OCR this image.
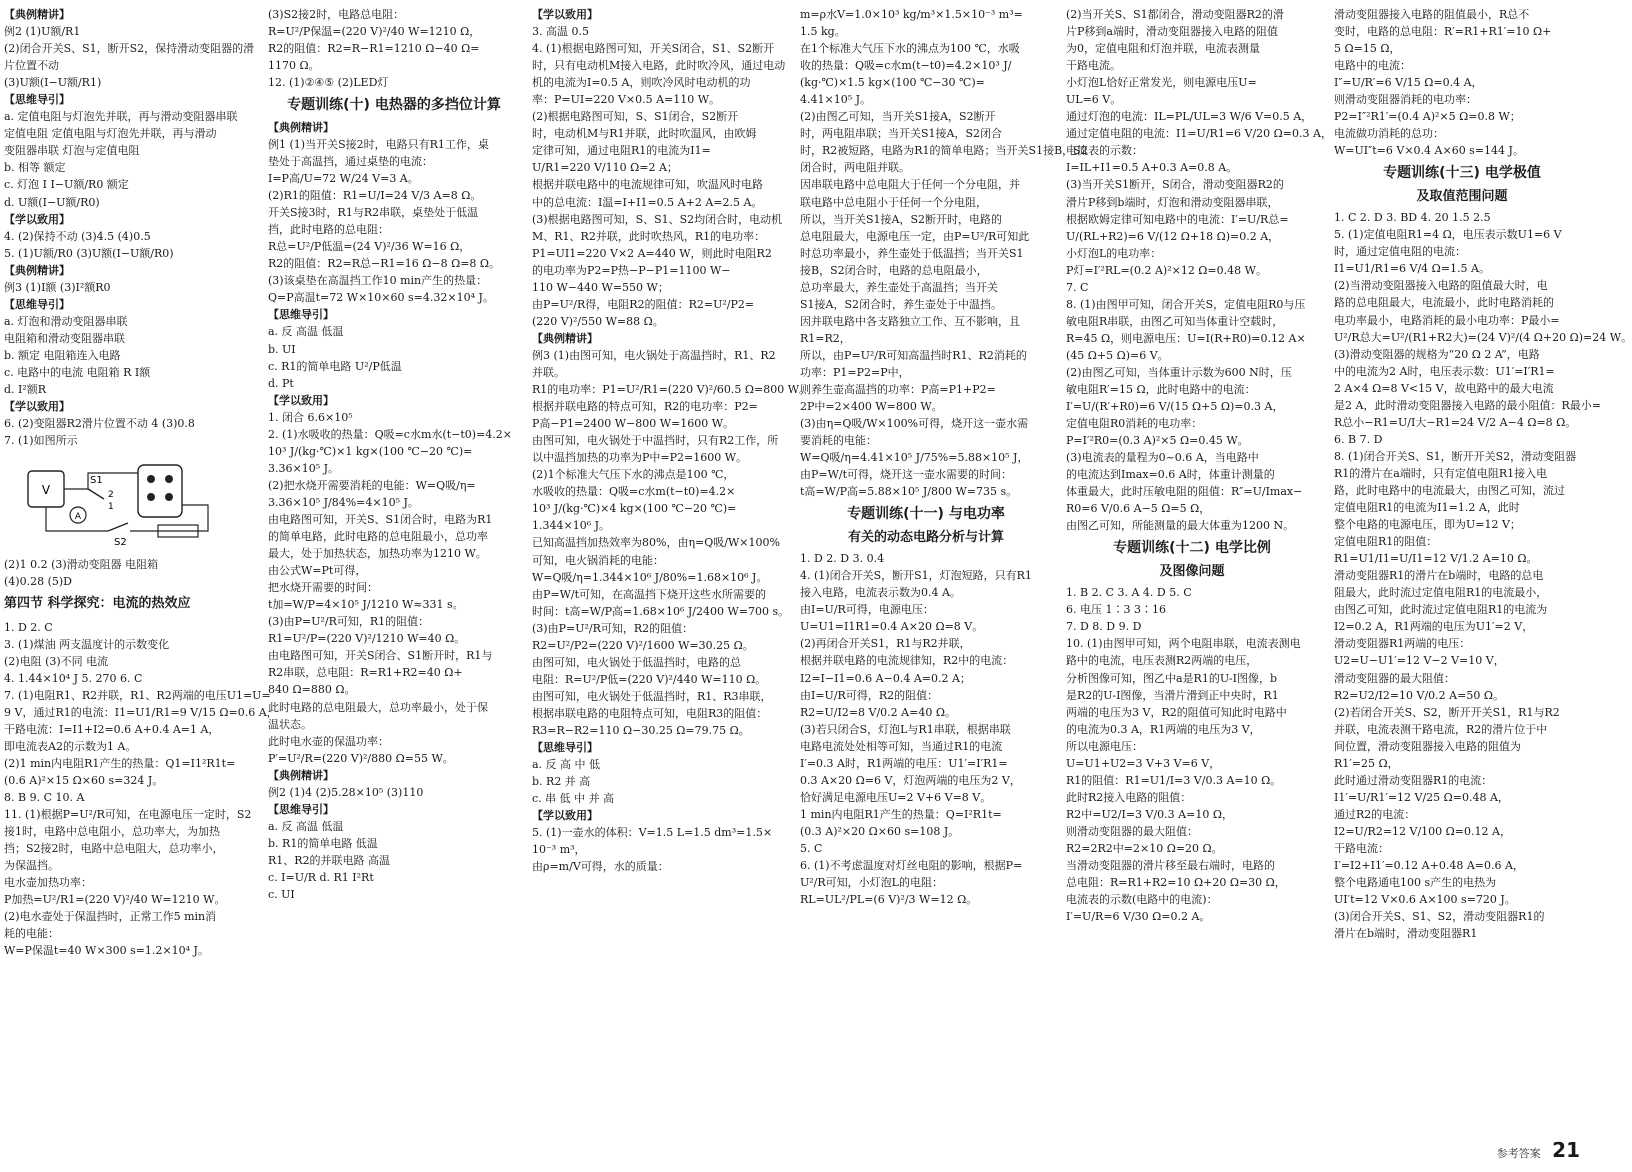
【典例精讲】
例2 (1)U额/R1
(2)闭合开关S、S1，断开S2，保持滑动变阻器的滑
片位置不动
(3)U额(I−U额/R1)
【思维导引】
a. 定值电阻与灯泡先并联，再与滑动变阻器串联
定值电阻 定值电阻与灯泡先并联，再与滑动
变阻器串联 灯泡与定值电阻
b. 相等 额定
c. 灯泡 I I−U额/R0 额定
d. U额(I−U额/R0)
【学以致用】
4. (2)保持不动 (3)4.5 (4)0.5
5. (1)U额/R0 (3)U额(I−U额/R0)
【典例精讲】
例3 (1)I额 (3)I²额R0
【思维导引】
a. 灯泡和滑动变阻器串联
电阻箱和滑动变阻器串联
b. 额定 电阻箱连入电路
c. 电路中的电流 电阻箱 R I额
d. I²额R
【学以致用】
6. (2)变阻器R2滑片位置不动 4 (3)0.8
7. (1)如图所示
V
S1
2
1
S2
A
(2)1 0.2 (3)滑动变阻器 电阻箱
(4)0.28 (5)D
第四节 科学探究：电流的热效应
1. D 2. C
3. (1)煤油 两支温度计的示数变化
(2)电阻 (3)不同 电流
4. 1.44×10⁴ J 5. 270 6. C
7. (1)电阻R1、R2并联，R1、R2两端的电压U1=U=
9 V，通过R1的电流：I1=U1/R1=9 V/15 Ω=0.6 A，
干路电流：I=I1+I2=0.6 A+0.4 A=1 A，
即电流表A2的示数为1 A。
(2)1 min内电阻R1产生的热量：Q1=I1²R1t=
(0.6 A)²×15 Ω×60 s=324 J。
8. B 9. C 10. A
11. (1)根据P=U²/R可知，在电源电压一定时，S2
接1时，电路中总电阻小，总功率大，为加热
挡；S2接2时，电路中总电阻大，总功率小，
为保温挡。
电水壶加热功率：
P加热=U²/R1=(220 V)²/40 W=1210 W。
(2)电水壶处于保温挡时，正常工作5 min消
耗的电能：
W=P保温t=40 W×300 s=1.2×10⁴ J。
(3)S2接2时，电路总电阻：
R=U²/P保温=(220 V)²/40 W=1210 Ω，
R2的阻值：R2=R−R1=1210 Ω−40 Ω=
1170 Ω。
12. (1)②④⑤ (2)LED灯
专题训练(十) 电热器的多挡位计算
【典例精讲】
例1 (1)当开关S接2时，电路只有R1工作，桌
垫处于高温挡，通过桌垫的电流：
I=P高/U=72 W/24 V=3 A。
(2)R1的阻值：R1=U/I=24 V/3 A=8 Ω。
开关S接3时，R1与R2串联，桌垫处于低温
挡，此时电路的总电阻：
R总=U²/P低温=(24 V)²/36 W=16 Ω，
R2的阻值：R2=R总−R1=16 Ω−8 Ω=8 Ω。
(3)该桌垫在高温挡工作10 min产生的热量：
Q=P高温t=72 W×10×60 s=4.32×10⁴ J。
【思维导引】
a. 反 高温 低温
b. UI
c. R1的简单电路 U²/P低温
d. Pt
【学以致用】
1. 闭合 6.6×10⁵
2. (1)水吸收的热量：Q吸=c水m水(t−t0)=4.2×
10³ J/(kg·℃)×1 kg×(100 ℃−20 ℃)=
3.36×10⁵ J。
(2)把水烧开需要消耗的电能：W=Q吸/η=
3.36×10⁵ J/84%=4×10⁵ J。
由电路图可知，开关S、S1闭合时，电路为R1
的简单电路，此时电路的总电阻最小，总功率
最大，处于加热状态，加热功率为1210 W。
由公式W=Pt可得，
把水烧开需要的时间：
t加=W/P=4×10⁵ J/1210 W≈331 s。
(3)由P=U²/R可知，R1的阻值：
R1=U²/P=(220 V)²/1210 W=40 Ω。
由电路图可知，开关S闭合、S1断开时，R1与
R2串联，总电阻：R=R1+R2=40 Ω+
840 Ω=880 Ω。
此时电路的总电阻最大，总功率最小，处于保
温状态。
此时电水壶的保温功率：
P′=U²/R=(220 V)²/880 Ω=55 W。
【典例精讲】
例2 (1)4 (2)5.28×10⁵ (3)110
【思维导引】
a. 反 高温 低温
b. R1的简单电路 低温
R1、R2的并联电路 高温
c. I=U/R d. R1 I²Rt
c. UI
【学以致用】
3. 高温 0.5
4. (1)根据电路图可知，开关S闭合，S1、S2断开
时，只有电动机M接入电路，此时吹冷风，通过电动
机的电流为I=0.5 A，则吹冷风时电动机的功
率：P=UI=220 V×0.5 A=110 W。
(2)根据电路图可知，S、S1闭合，S2断开
时，电动机M与R1并联，此时吹温风，由欧姆
定律可知，通过电阻R1的电流为I1=
U/R1=220 V/110 Ω=2 A；
根据并联电路中的电流规律可知，吹温风时电路
中的总电流：I温=I+I1=0.5 A+2 A=2.5 A。
(3)根据电路图可知，S、S1、S2均闭合时，电动机
M、R1、R2并联，此时吹热风，R1的电功率：
P1=UI1=220 V×2 A=440 W，则此时电阻R2
的电功率为P2=P热−P−P1=1100 W−
110 W−440 W=550 W；
由P=U²/R得，电阻R2的阻值：R2=U²/P2=
(220 V)²/550 W=88 Ω。
【典例精讲】
例3 (1)由图可知，电火锅处于高温挡时，R1、R2
并联。
R1的电功率：P1=U²/R1=(220 V)²/60.5 Ω=800 W。
根据并联电路的特点可知，R2的电功率：P2=
P高−P1=2400 W−800 W=1600 W。
由图可知，电火锅处于中温挡时，只有R2工作，所
以中温挡加热的功率为P中=P2=1600 W。
(2)1个标准大气压下水的沸点是100 ℃，
水吸收的热量：Q吸=c水m(t−t0)=4.2×
10³ J/(kg·℃)×4 kg×(100 ℃−20 ℃)=
1.344×10⁶ J。
已知高温挡加热效率为80%，由η=Q吸/W×100%
可知，电火锅消耗的电能：
W=Q吸/η=1.344×10⁶ J/80%=1.68×10⁶ J。
由P=W/t可知，在高温挡下烧开这些水所需要的
时间：t高=W/P高=1.68×10⁶ J/2400 W=700 s。
(3)由P=U²/R可知，R2的阻值：
R2=U²/P2=(220 V)²/1600 W=30.25 Ω。
由图可知，电火锅处于低温挡时，电路的总
电阻：R=U²/P低=(220 V)²/440 W=110 Ω。
由图可知，电火锅处于低温挡时，R1、R3串联，
根据串联电路的电阻特点可知，电阻R3的阻值：
R3=R−R2=110 Ω−30.25 Ω=79.75 Ω。
【思维导引】
a. 反 高 中 低
b. R2 并 高
c. 串 低 中 并 高
【学以致用】
5. (1)一壶水的体积：V=1.5 L=1.5 dm³=1.5×
10⁻³ m³，
由ρ=m/V可得，水的质量：
m=ρ水V=1.0×10³ kg/m³×1.5×10⁻³ m³=
1.5 kg。
在1个标准大气压下水的沸点为100 ℃，水吸
收的热量：Q吸=c水m(t−t0)=4.2×10³ J/
(kg·℃)×1.5 kg×(100 ℃−30 ℃)=
4.41×10⁵ J。
(2)由图乙可知，当开关S1接A，S2断开
时，两电阻串联；当开关S1接A，S2闭合
时，R2被短路，电路为R1的简单电路；当开关S1接B，S2
闭合时，两电阻并联。
因串联电路中总电阻大于任何一个分电阻，并
联电路中总电阻小于任何一个分电阻，
所以，当开关S1接A，S2断开时，电路的
总电阻最大，电源电压一定，由P=U²/R可知此
时总功率最小，养生壶处于低温挡；当开关S1
接B，S2闭合时，电路的总电阻最小，
总功率最大，养生壶处于高温挡；当开关
S1接A，S2闭合时，养生壶处于中温挡。
因并联电路中各支路独立工作、互不影响，且
R1=R2，
所以，由P=U²/R可知高温挡时R1、R2消耗的
功率：P1=P2=P中，
则养生壶高温挡的功率：P高=P1+P2=
2P中=2×400 W=800 W。
(3)由η=Q吸/W×100%可得，烧开这一壶水需
要消耗的电能：
W=Q吸/η=4.41×10⁵ J/75%=5.88×10⁵ J，
由P=W/t可得，烧开这一壶水需要的时间：
t高=W/P高=5.88×10⁵ J/800 W=735 s。
专题训练(十一) 与电功率
有关的动态电路分析与计算
1. D 2. D 3. 0.4
4. (1)闭合开关S，断开S1，灯泡短路，只有R1
接入电路，电流表示数为0.4 A。
由I=U/R可得，电源电压：
U=U1=I1R1=0.4 A×20 Ω=8 V。
(2)再闭合开关S1，R1与R2并联，
根据并联电路的电流规律知，R2中的电流：
I2=I−I1=0.6 A−0.4 A=0.2 A；
由I=U/R可得，R2的阻值：
R2=U/I2=8 V/0.2 A=40 Ω。
(3)若只闭合S，灯泡L与R1串联，根据串联
电路电流处处相等可知，当通过R1的电流
I′=0.3 A时，R1两端的电压：U1′=I′R1=
0.3 A×20 Ω=6 V，灯泡两端的电压为2 V，
恰好满足电源电压U=2 V+6 V=8 V。
1 min内电阻R1产生的热量：Q=I²R1t=
(0.3 A)²×20 Ω×60 s=108 J。
5. C
6. (1)不考虑温度对灯丝电阻的影响，根据P=
U²/R可知，小灯泡L的电阻：
RL=UL²/PL=(6 V)²/3 W=12 Ω。
(2)当开关S、S1都闭合，滑动变阻器R2的滑
片P移到a端时，滑动变阻器接入电路的阻值
为0，定值电阻和灯泡并联，电流表测量
干路电流。
小灯泡L恰好正常发光，则电源电压U=
UL=6 V。
通过灯泡的电流：IL=PL/UL=3 W/6 V=0.5 A，
通过定值电阻的电流：I1=U/R1=6 V/20 Ω=0.3 A，
电流表的示数：
I=IL+I1=0.5 A+0.3 A=0.8 A。
(3)当开关S1断开，S闭合，滑动变阻器R2的
滑片P移到b端时，灯泡和滑动变阻器串联，
根据欧姆定律可知电路中的电流：I′=U/R总=
U/(RL+R2)=6 V/(12 Ω+18 Ω)=0.2 A，
小灯泡L的电功率：
P灯=I′²RL=(0.2 A)²×12 Ω=0.48 W。
7. C
8. (1)由图甲可知，闭合开关S，定值电阻R0与压
敏电阻R串联，由图乙可知当体重计空载时，
R=45 Ω，则电源电压：U=I(R+R0)=0.12 A×
(45 Ω+5 Ω)=6 V。
(2)由图乙可知，当体重计示数为600 N时，压
敏电阻R′=15 Ω，此时电路中的电流：
I′=U/(R′+R0)=6 V/(15 Ω+5 Ω)=0.3 A，
定值电阻R0消耗的电功率：
P=I′²R0=(0.3 A)²×5 Ω=0.45 W。
(3)电流表的量程为0~0.6 A，当电路中
的电流达到Imax=0.6 A时，体重计测量的
体重最大，此时压敏电阻的阻值：R″=U/Imax−
R0=6 V/0.6 A−5 Ω=5 Ω，
由图乙可知，所能测量的最大体重为1200 N。
专题训练(十二) 电学比例
及图像问题
1. B 2. C 3. A 4. D 5. C
6. 电压 1∶3 3∶16
7. D 8. D 9. D
10. (1)由图甲可知，两个电阻串联，电流表测电
路中的电流，电压表测R2两端的电压，
分析图像可知，图乙中a是R1的U-I图像，b
是R2的U-I图像，当滑片滑到正中央时，R1
两端的电压为3 V，R2的阻值可知此时电路中
的电流为0.3 A，R1两端的电压为3 V，
所以电源电压：
U=U1+U2=3 V+3 V=6 V，
R1的阻值：R1=U1/I=3 V/0.3 A=10 Ω。
此时R2接入电路的阻值：
R2中=U2/I=3 V/0.3 A=10 Ω，
则滑动变阻器的最大阻值：
R2=2R2中=2×10 Ω=20 Ω。
当滑动变阻器的滑片移至最右端时，电路的
总电阻：R=R1+R2=10 Ω+20 Ω=30 Ω，
电流表的示数(电路中的电流)：
I′=U/R=6 V/30 Ω=0.2 A。
滑动变阻器接入电路的阻值最小，R总不
变时，电路的总电阻：R′=R1+R1′=10 Ω+
5 Ω=15 Ω，
电路中的电流：
I″=U/R′=6 V/15 Ω=0.4 A，
则滑动变阻器消耗的电功率：
P2=I″²R1′=(0.4 A)²×5 Ω=0.8 W；
电流做功消耗的总功：
W=UI″t=6 V×0.4 A×60 s=144 J。
专题训练(十三) 电学极值
及取值范围问题
1. C 2. D 3. BD 4. 20 1.5 2.5
5. (1)定值电阻R1=4 Ω，电压表示数U1=6 V
时，通过定值电阻的电流：
I1=U1/R1=6 V/4 Ω=1.5 A。
(2)当滑动变阻器接入电路的阻值最大时，电
路的总电阻最大，电流最小，此时电路消耗的
电功率最小，电路消耗的最小电功率：P最小=
U²/R总大=U²/(R1+R2大)=(24 V)²/(4 Ω+20 Ω)=24 W。
(3)滑动变阻器的规格为“20 Ω 2 A”，电路
中的电流为2 A时，电压表示数：U1′=I′R1=
2 A×4 Ω=8 V<15 V，故电路中的最大电流
是2 A，此时滑动变阻器接入电路的最小阻值：R最小=
R总小−R1=U/I大−R1=24 V/2 A−4 Ω=8 Ω。
6. B 7. D
8. (1)闭合开关S、S1，断开开关S2，滑动变阻器
R1的滑片在a端时，只有定值电阻R1接入电
路，此时电路中的电流最大，由图乙可知，流过
定值电阻R1的电流为I1=1.2 A，此时
整个电路的电源电压，即为U=12 V；
定值电阻R1的阻值：
R1=U1/I1=U/I1=12 V/1.2 A=10 Ω。
滑动变阻器R1的滑片在b端时，电路的总电
阻最大，此时流过定值电阻R1的电流最小，
由图乙可知，此时流过定值电阻R1的电流为
I2=0.2 A，R1两端的电压为U1′=2 V，
滑动变阻器R1两端的电压：
U2=U−U1′=12 V−2 V=10 V，
滑动变阻器的最大阻值：
R2=U2/I2=10 V/0.2 A=50 Ω。
(2)若闭合开关S、S2，断开开关S1，R1与R2
并联，电流表测干路电流，R2的滑片位于中
间位置，滑动变阻器接入电路的阻值为
R1′=25 Ω，
此时通过滑动变阻器R1的电流：
I1′=U/R1′=12 V/25 Ω=0.48 A，
通过R2的电流：
I2=U/R2=12 V/100 Ω=0.12 A，
干路电流：
I′=I2+I1′=0.12 A+0.48 A=0.6 A，
整个电路通电100 s产生的电热为
UI′t=12 V×0.6 A×100 s=720 J。
(3)闭合开关S、S1、S2，滑动变阻器R1的
滑片在b端时，滑动变阻器R1
参考答案 21
